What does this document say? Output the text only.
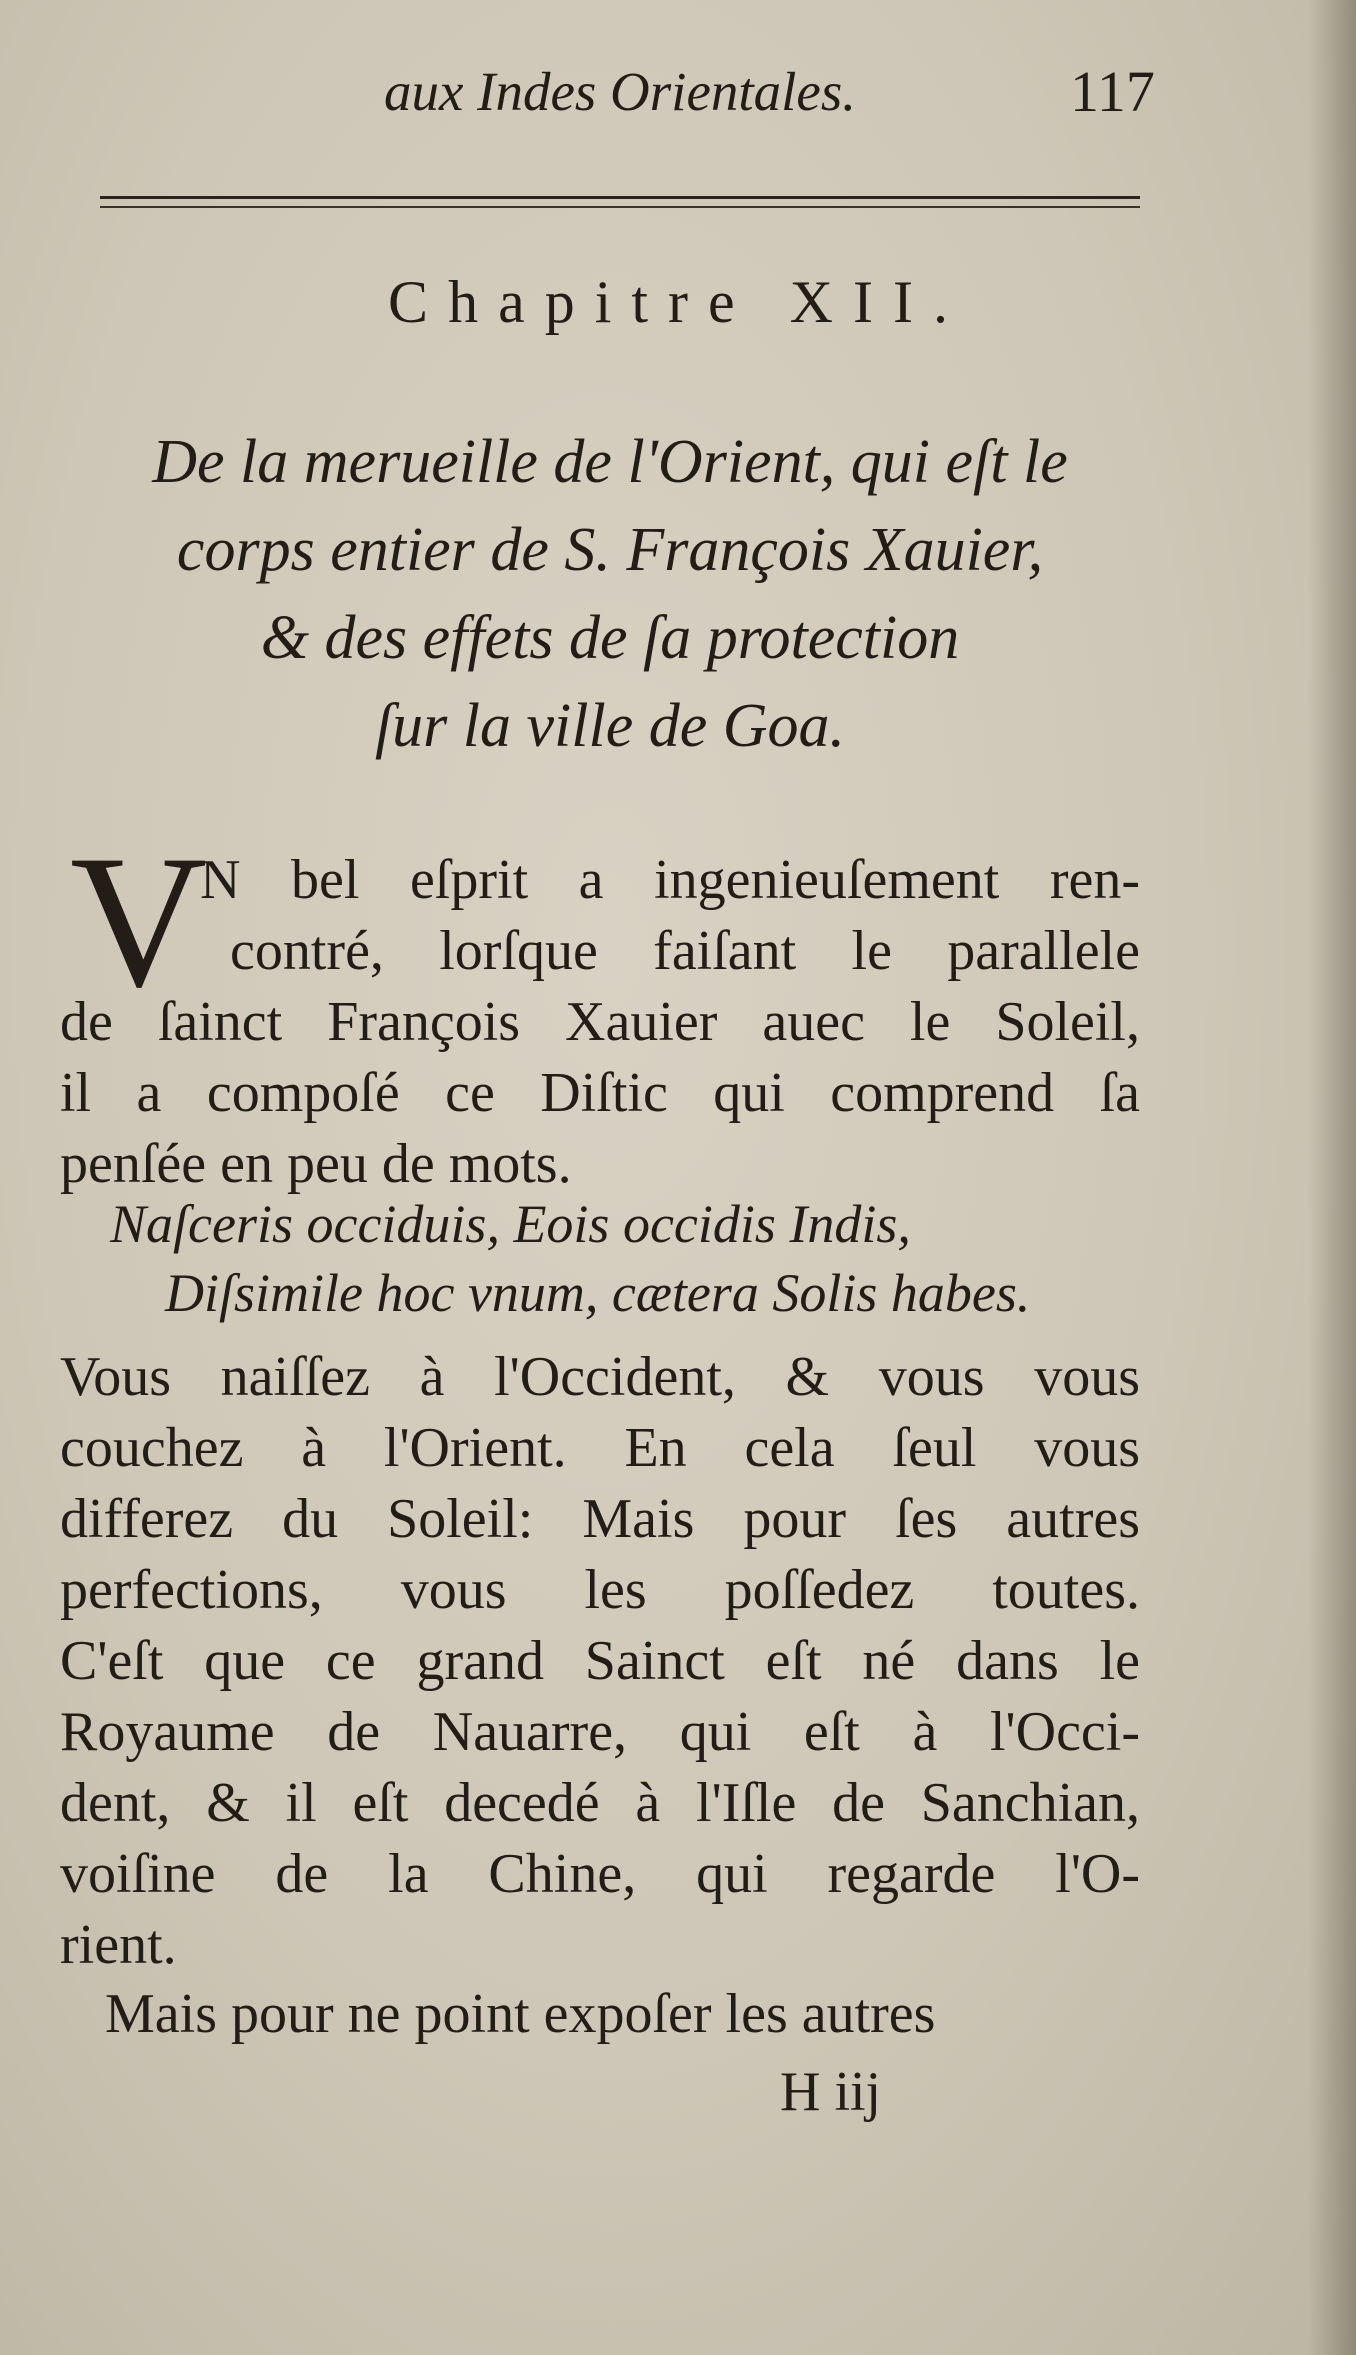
aux Indes Orientales.	117
Chapitre XII.
De la merueille de l'Orient, qui eſt le
corps entier de S. François Xauier,
& des effets de ſa protection
ſur la ville de Goa.
V
N bel eſprit a ingenieuſement ren-
contré, lorſque faiſant le parallele
de ſainct François Xauier auec le Soleil,
il a compoſé ce Diſtic qui comprend ſa
penſée en peu de mots.
Naſceris occiduis, Eois occidis Indis,
Diſsimile hoc vnum, cætera Solis habes.
Vous naiſſez à l'Occident, & vous vous
couchez à l'Orient. En cela ſeul vous
differez du Soleil: Mais pour ſes autres
perfections, vous les poſſedez toutes.
C'eſt que ce grand Sainct eſt né dans le
Royaume de Nauarre, qui eſt à l'Occi-
dent, & il eſt decedé à l'Iſle de Sanchian,
voiſine de la Chine, qui regarde l'O-
rient.
Mais pour ne point expoſer les autres
H iij
